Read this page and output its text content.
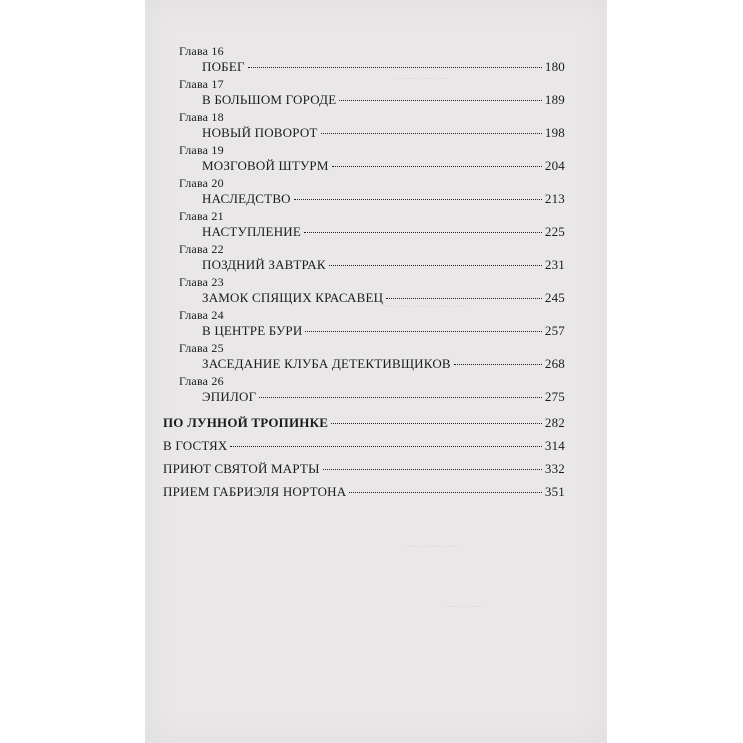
— — — —
— — — — — —
— — — —
— — —
Глава 16
ПОБЕГ	180
Глава 17
В БОЛЬШОМ ГОРОДЕ	189
Глава 18
НОВЫЙ ПОВОРОТ	198
Глава 19
МОЗГОВОЙ ШТУРМ	204
Глава 20
НАСЛЕДСТВО	213
Глава 21
НАСТУПЛЕНИЕ	225
Глава 22
ПОЗДНИЙ ЗАВТРАК	231
Глава 23
ЗАМОК СПЯЩИХ КРАСАВЕЦ	245
Глава 24
В ЦЕНТРЕ БУРИ	257
Глава 25
ЗАСЕДАНИЕ КЛУБА ДЕТЕКТИВЩИКОВ	268
Глава 26
ЭПИЛОГ	275
ПО ЛУННОЙ ТРОПИНКЕ	282
В ГОСТЯХ	314
ПРИЮТ СВЯТОЙ МАРТЫ	332
ПРИЕМ ГАБРИЭЛЯ НОРТОНА	351
